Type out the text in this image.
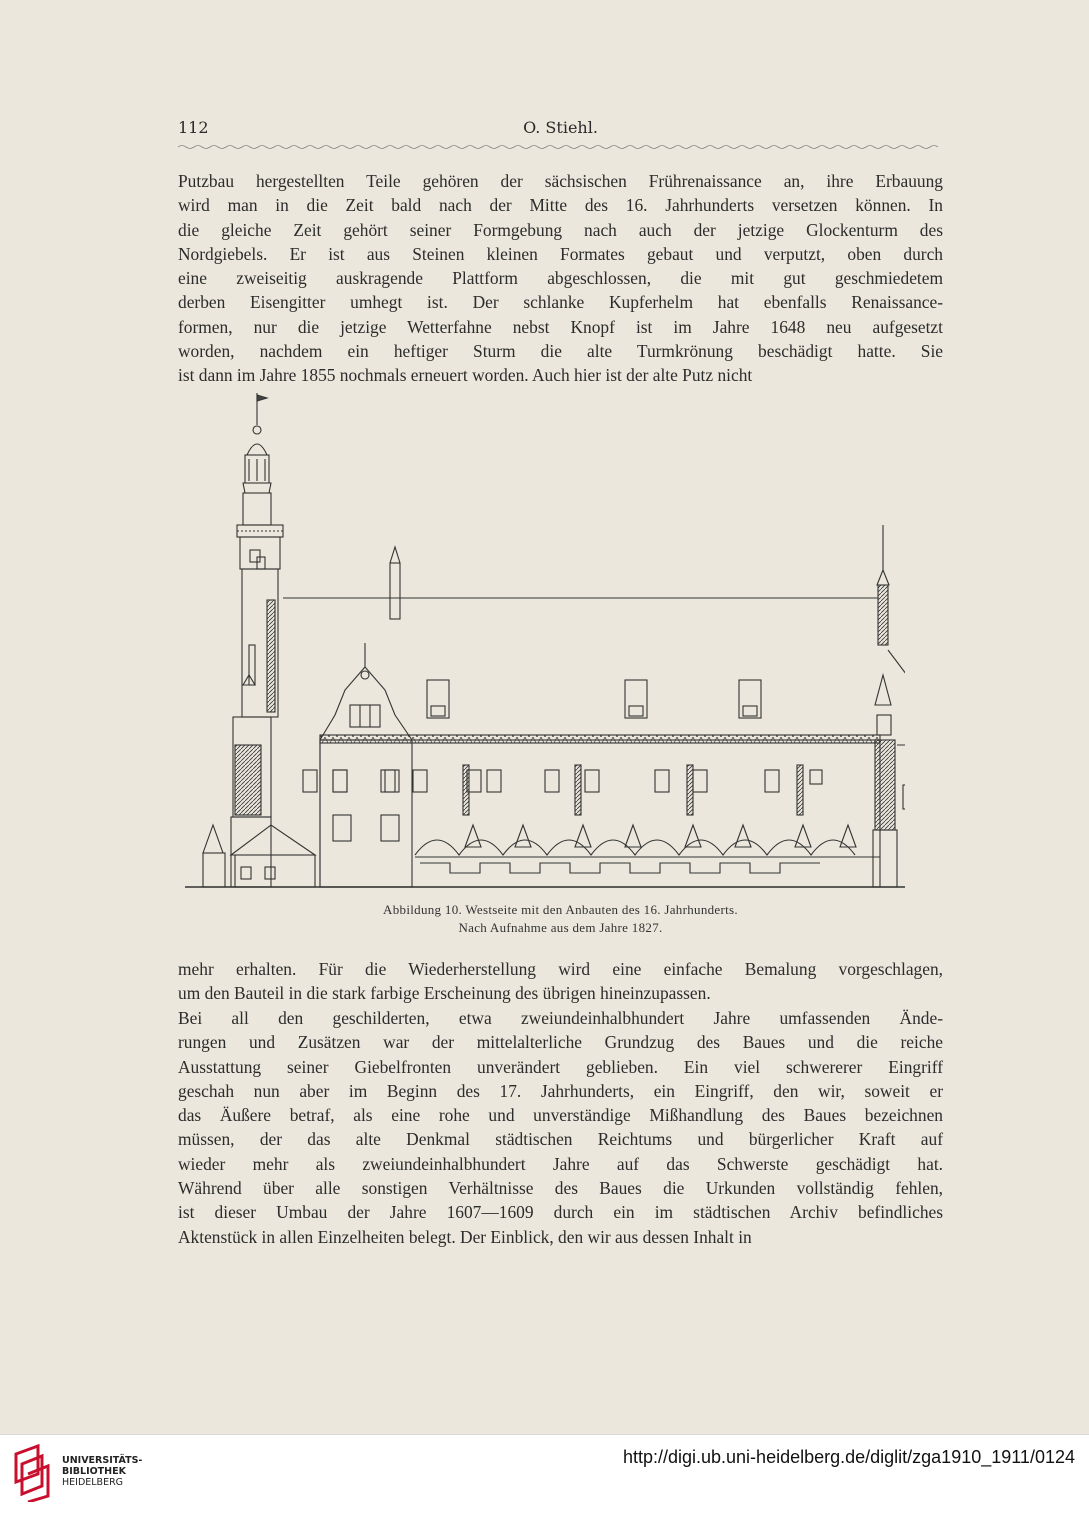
112	O. Stiehl.
Putzbau hergestellten Teile gehören der sächsischen Frührenaissance an, ihre Erbauung
wird man in die Zeit bald nach der Mitte des 16. Jahrhunderts versetzen können. In
die gleiche Zeit gehört seiner Formgebung nach auch der jetzige Glockenturm des
Nordgiebels. Er ist aus Steinen kleinen Formates gebaut und verputzt, oben durch
eine zweiseitig auskragende Plattform abgeschlossen, die mit gut geschmiedetem
derben Eisengitter umhegt ist. Der schlanke Kupferhelm hat ebenfalls Renaissance-
formen, nur die jetzige Wetterfahne nebst Knopf ist im Jahre 1648 neu aufgesetzt
worden, nachdem ein heftiger Sturm die alte Turmkrönung beschädigt hatte. Sie
ist dann im Jahre 1855 nochmals erneuert worden. Auch hier ist der alte Putz nicht
Abbildung 10. Westseite mit den Anbauten des 16. Jahrhunderts.
Nach Aufnahme aus dem Jahre 1827.
mehr erhalten. Für die Wiederherstellung wird eine einfache Bemalung vorgeschlagen,
um den Bauteil in die stark farbige Erscheinung des übrigen hineinzupassen.
Bei all den geschilderten, etwa zweiundeinhalbhundert Jahre umfassenden Ände-
rungen und Zusätzen war der mittelalterliche Grundzug des Baues und die reiche
Ausstattung seiner Giebelfronten unverändert geblieben. Ein viel schwererer Eingriff
geschah nun aber im Beginn des 17. Jahrhunderts, ein Eingriff, den wir, soweit er
das Äußere betraf, als eine rohe und unverständige Mißhandlung des Baues bezeichnen
müssen, der das alte Denkmal städtischen Reichtums und bürgerlicher Kraft auf
wieder mehr als zweiundeinhalbhundert Jahre auf das Schwerste geschädigt hat.
Während über alle sonstigen Verhältnisse des Baues die Urkunden vollständig fehlen,
ist dieser Umbau der Jahre 1607—1609 durch ein im städtischen Archiv befindliches
Aktenstück in allen Einzelheiten belegt. Der Einblick, den wir aus dessen Inhalt in
UNIVERSITÄTS-
BIBLIOTHEK
HEIDELBERG
http://digi.ub.uni-heidelberg.de/diglit/zga1910_1911/0124
